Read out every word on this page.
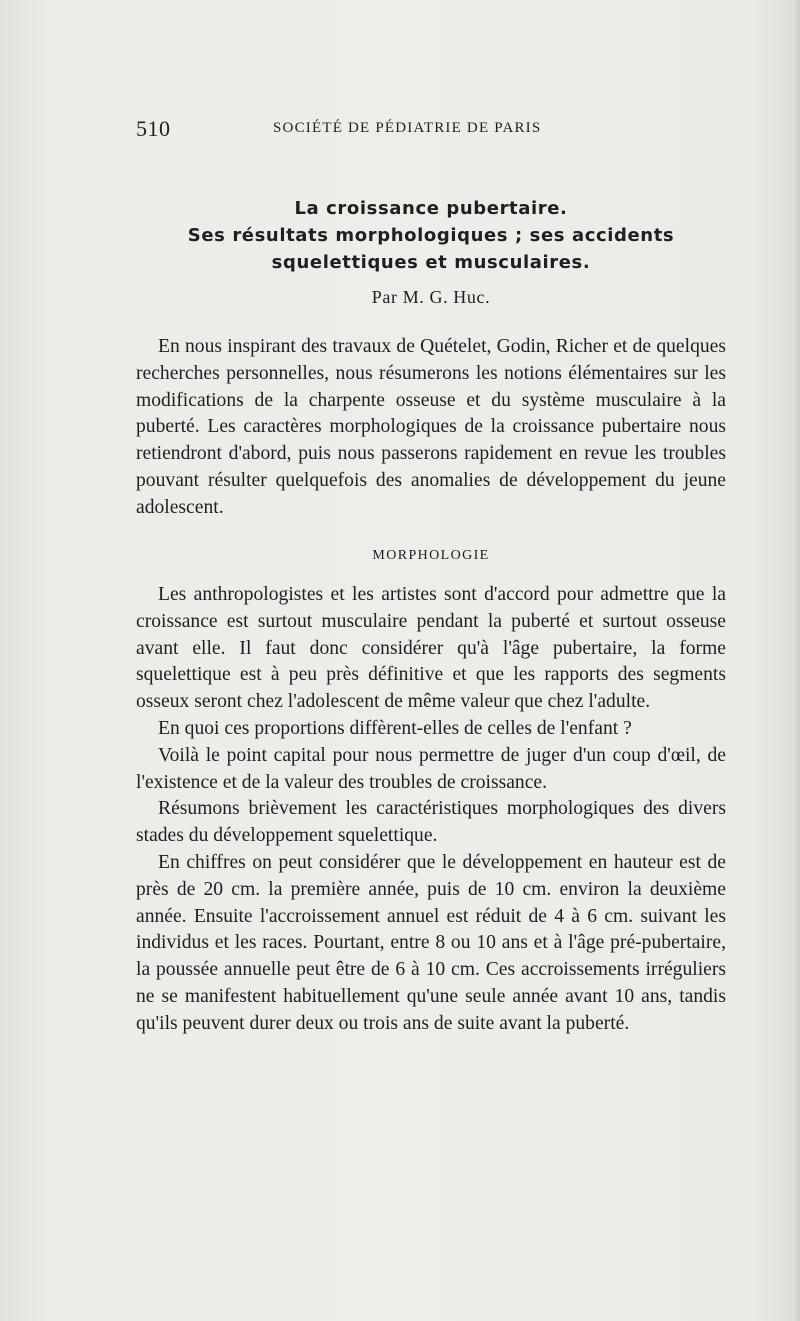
510	SOCIÉTÉ DE PÉDIATRIE DE PARIS
La croissance pubertaire.
Ses résultats morphologiques ; ses accidents
squelettiques et musculaires.
Par M. G. Huc.

En nous inspirant des travaux de Quételet, Godin, Richer et de quelques recherches personnelles, nous résumerons les notions élémentaires sur les modifications de la charpente osseuse et du système musculaire à la puberté. Les caractères morphologiques de la croissance pubertaire nous retiendront d'abord, puis nous passerons rapidement en revue les troubles pouvant résulter quelquefois des anomalies de développement du jeune adolescent.

MORPHOLOGIE

Les anthropologistes et les artistes sont d'accord pour admettre que la croissance est surtout musculaire pendant la puberté et surtout osseuse avant elle. Il faut donc considérer qu'à l'âge pubertaire, la forme squelettique est à peu près définitive et que les rapports des segments osseux seront chez l'adolescent de même valeur que chez l'adulte.

En quoi ces proportions diffèrent-elles de celles de l'enfant ?

Voilà le point capital pour nous permettre de juger d'un coup d'œil, de l'existence et de la valeur des troubles de croissance.

Résumons brièvement les caractéristiques morphologiques des divers stades du développement squelettique.

En chiffres on peut considérer que le développement en hauteur est de près de 20 cm. la première année, puis de 10 cm. environ la deuxième année. Ensuite l'accroissement annuel est réduit de 4 à 6 cm. suivant les individus et les races. Pourtant, entre 8 ou 10 ans et à l'âge pré-pubertaire, la poussée annuelle peut être de 6 à 10 cm. Ces accroissements irréguliers ne se manifestent habituellement qu'une seule année avant 10 ans, tandis qu'ils peuvent durer deux ou trois ans de suite avant la puberté.
